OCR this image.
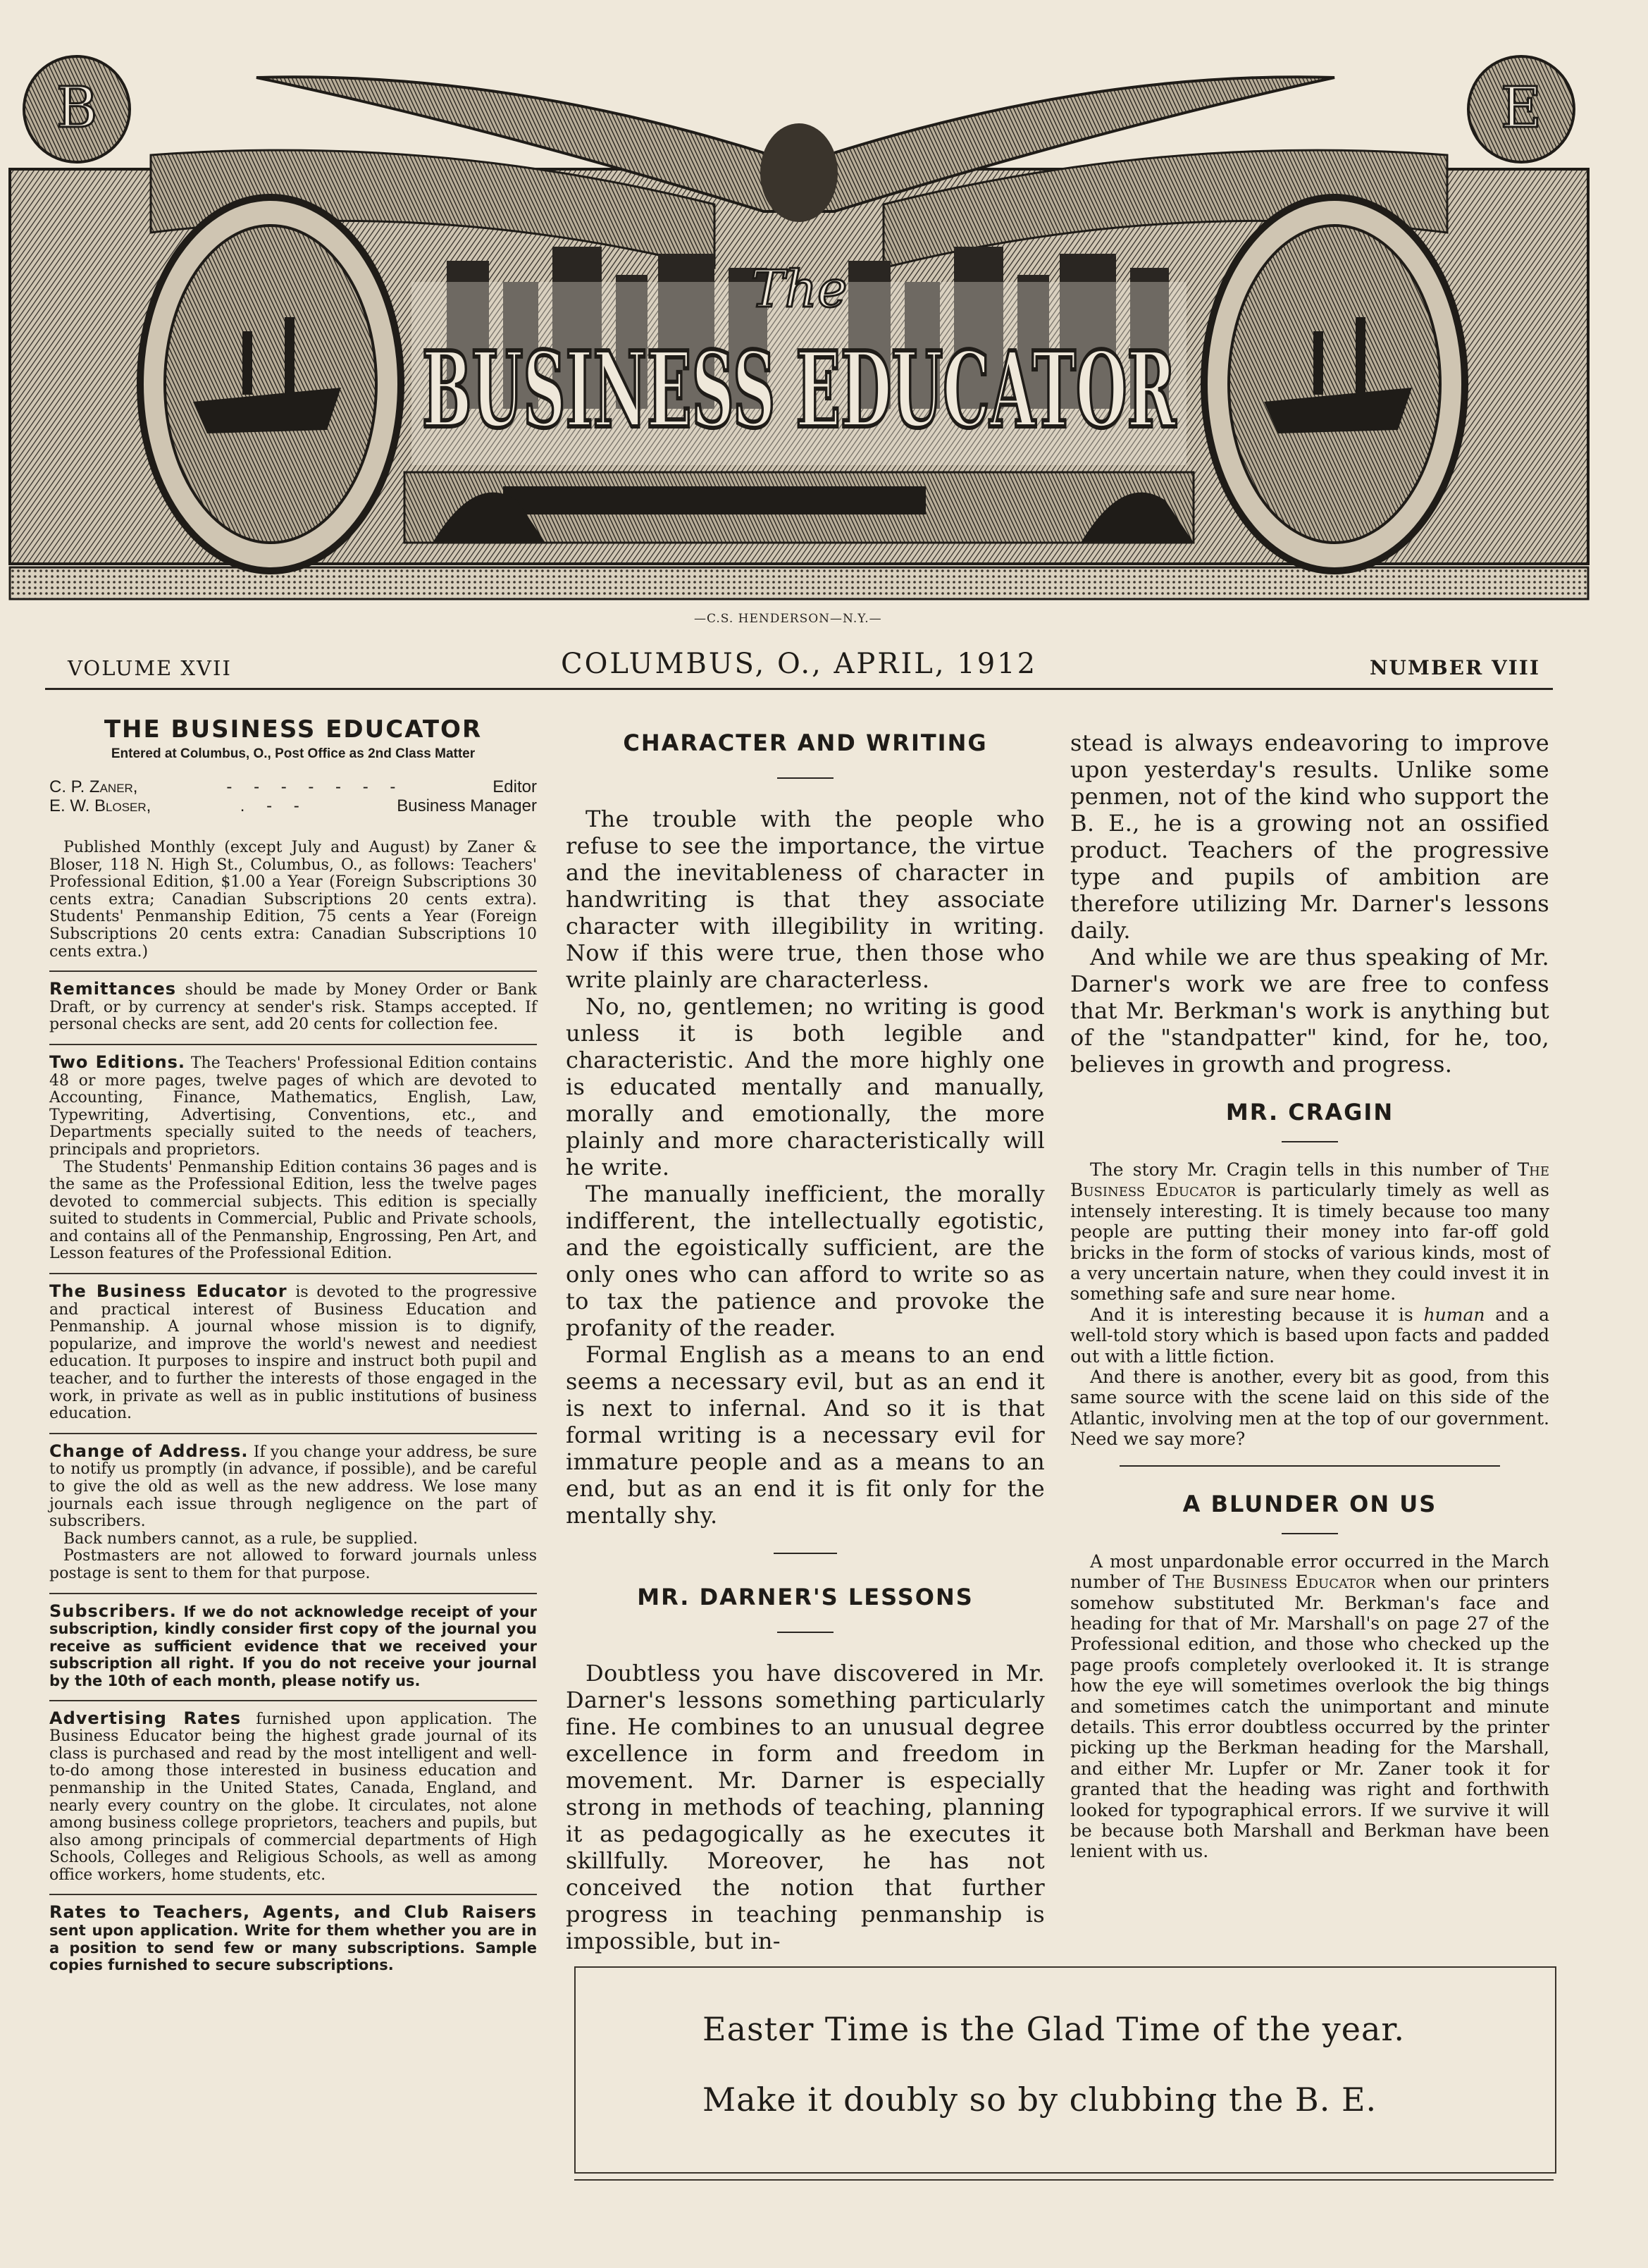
B	E
The
BUSINESS EDUCATOR
—C.S. HENDERSON—N.Y.—
VOLUME XVII	COLUMBUS, O., APRIL, 1912	NUMBER VIII
THE BUSINESS EDUCATOR
Entered at Columbus, O., Post Office as 2nd Class Matter
C. P. Zaner,	- - - - - - -	Editor
E. W. Bloser,	. - -	Business Manager

Published Monthly (except July and August) by Zaner & Bloser, 118 N. High St., Columbus, O., as follows: Teachers' Professional Edition, $1.00 a Year (Foreign Subscriptions 30 cents extra; Canadian Subscriptions 20 cents extra). Students' Penmanship Edition, 75 cents a Year (Foreign Subscriptions 20 cents extra: Canadian Subscriptions 10 cents extra.)

Remittances should be made by Money Order or Bank Draft, or by currency at sender's risk. Stamps accepted. If personal checks are sent, add 20 cents for collection fee.

Two Editions. The Teachers' Professional Edition contains 48 or more pages, twelve pages of which are devoted to Accounting, Finance, Mathematics, English, Law, Typewriting, Advertising, Conventions, etc., and Departments specially suited to the needs of teachers, principals and proprietors.

The Students' Penmanship Edition contains 36 pages and is the same as the Professional Edition, less the twelve pages devoted to commercial subjects. This edition is specially suited to students in Commercial, Public and Private schools, and contains all of the Penmanship, Engrossing, Pen Art, and Lesson features of the Professional Edition.

The Business Educator is devoted to the progressive and practical interest of Business Education and Penmanship. A journal whose mission is to dignify, popularize, and improve the world's newest and neediest education. It purposes to inspire and instruct both pupil and teacher, and to further the interests of those engaged in the work, in private as well as in public institutions of business education.

Change of Address. If you change your address, be sure to notify us promptly (in advance, if possible), and be careful to give the old as well as the new address. We lose many journals each issue through negligence on the part of subscribers.

Back numbers cannot, as a rule, be supplied.

Postmasters are not allowed to forward journals unless postage is sent to them for that purpose.

Subscribers. If we do not acknowledge receipt of your subscription, kindly consider first copy of the journal you receive as sufficient evidence that we received your subscription all right. If you do not receive your journal by the 10th of each month, please notify us.

Advertising Rates furnished upon application. The Business Educator being the highest grade journal of its class is purchased and read by the most intelligent and well-to-do among those interested in business education and penmanship in the United States, Canada, England, and nearly every country on the globe. It circulates, not alone among business college proprietors, teachers and pupils, but also among principals of commercial departments of High Schools, Colleges and Religious Schools, as well as among office workers, home students, etc.

Rates to Teachers, Agents, and Club Raisers sent upon application. Write for them whether you are in a position to send few or many subscriptions. Sample copies furnished to secure subscriptions.

CHARACTER AND WRITING

The trouble with the people who refuse to see the importance, the virtue and the inevitableness of character in handwriting is that they associate character with illegibility in writing. Now if this were true, then those who write plainly are characterless.

No, no, gentlemen; no writing is good unless it is both legible and characteristic. And the more highly one is educated mentally and manually, morally and emotionally, the more plainly and more characteristically will he write.

The manually inefficient, the morally indifferent, the intellectually egotistic, and the egoistically sufficient, are the only ones who can afford to write so as to tax the patience and provoke the profanity of the reader.

Formal English as a means to an end seems a necessary evil, but as an end it is next to infernal. And so it is that formal writing is a necessary evil for immature people and as a means to an end, but as an end it is fit only for the mentally shy.

MR. DARNER'S LESSONS

Doubtless you have discovered in Mr. Darner's lessons something particularly fine. He combines to an unusual degree excellence in form and freedom in movement. Mr. Darner is especially strong in methods of teaching, planning it as pedagogically as he executes it skillfully. Moreover, he has not conceived the notion that further progress in teaching penmanship is impossible, but in-

stead is always endeavoring to improve upon yesterday's results. Unlike some penmen, not of the kind who support the B. E., he is a growing not an ossified product. Teachers of the progressive type and pupils of ambition are therefore utilizing Mr. Darner's lessons daily.

And while we are thus speaking of Mr. Darner's work we are free to confess that Mr. Berkman's work is anything but of the "standpatter" kind, for he, too, believes in growth and progress.

MR. CRAGIN

The story Mr. Cragin tells in this number of The Business Educator is particularly timely as well as intensely interesting. It is timely because too many people are putting their money into far-off gold bricks in the form of stocks of various kinds, most of a very uncertain nature, when they could invest it in something safe and sure near home.

And it is interesting because it is human and a well-told story which is based upon facts and padded out with a little fiction.

And there is another, every bit as good, from this same source with the scene laid on this side of the Atlantic, involving men at the top of our government. Need we say more?

A BLUNDER ON US

A most unpardonable error occurred in the March number of The Business Educator when our printers somehow substituted Mr. Berkman's face and heading for that of Mr. Marshall's on page 27 of the Professional edition, and those who checked up the page proofs completely overlooked it. It is strange how the eye will sometimes overlook the big things and sometimes catch the unimportant and minute details. This error doubtless occurred by the printer picking up the Berkman heading for the Marshall, and either Mr. Lupfer or Mr. Zaner took it for granted that the heading was right and forthwith looked for typographical errors. If we survive it will be because both Marshall and Berkman have been lenient with us.

Easter Time is the Glad Time of the year.
Make it doubly so by clubbing the B. E.
